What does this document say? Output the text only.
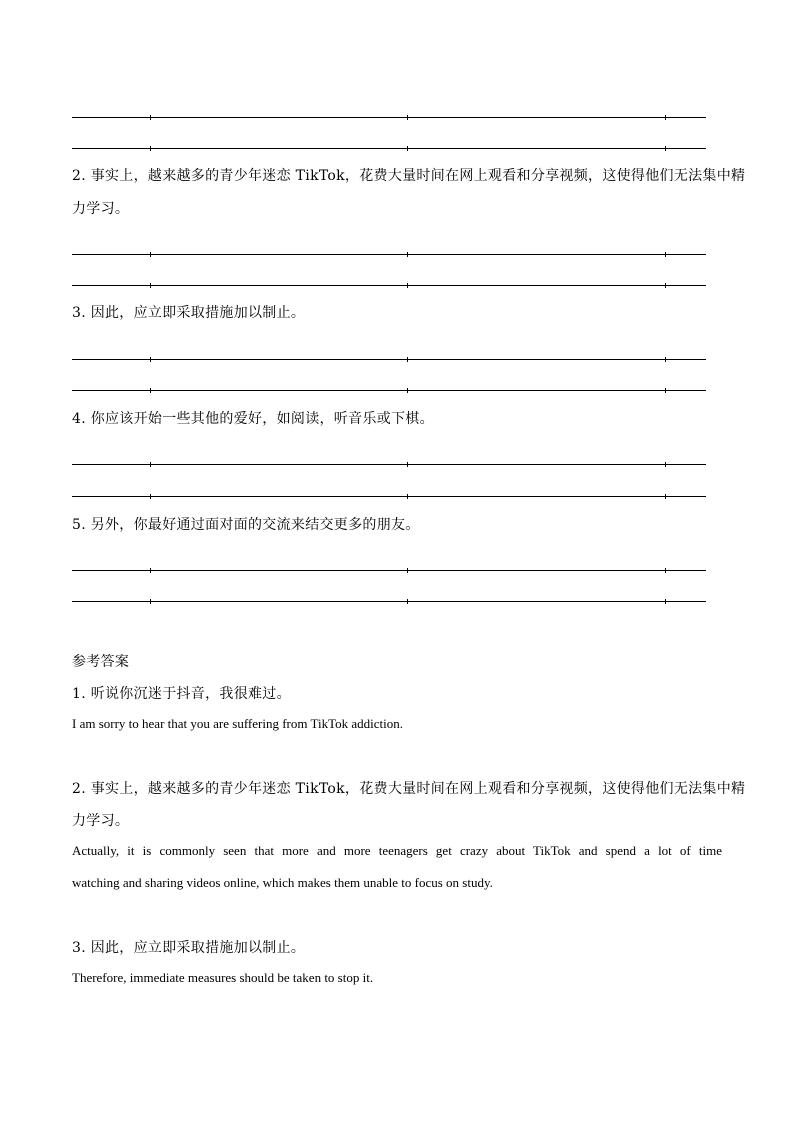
2. 事实上，越来越多的青少年迷恋 TikTok，花费大量时间在网上观看和分享视频，这使得他们无法集中精
力学习。
3. 因此，应立即采取措施加以制止。
4. 你应该开始一些其他的爱好，如阅读，听音乐或下棋。
5. 另外，你最好通过面对面的交流来结交更多的朋友。
参考答案
1. 听说你沉迷于抖音，我很难过。
I am sorry to hear that you are suffering from TikTok addiction.
2. 事实上，越来越多的青少年迷恋 TikTok，花费大量时间在网上观看和分享视频，这使得他们无法集中精
力学习。
Actually, it is commonly seen that more and more teenagers get crazy about TikTok and spend a lot of time
watching and sharing videos online, which makes them unable to focus on study.
3. 因此，应立即采取措施加以制止。
Therefore, immediate measures should be taken to stop it.
